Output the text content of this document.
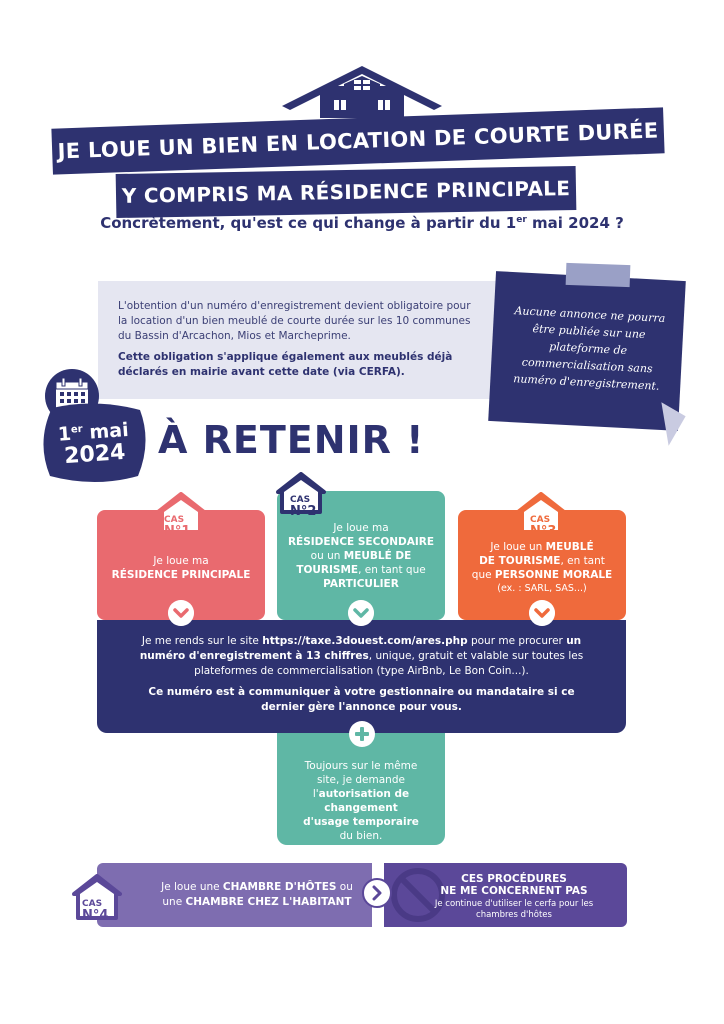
JE LOUE UN BIEN EN LOCATION DE COURTE DURÉE
Y COMPRIS MA RÉSIDENCE PRINCIPALE
Concrètement, qu'est ce qui change à partir du 1er mai 2024 ?

L'obtention d'un numéro d'enregistrement devient obligatoire pour la location d'un bien meublé de courte durée sur les 10 communes du Bassin d'Arcachon, Mios et Marcheprime.

Cette obligation s'applique également aux meublés déjà déclarés en mairie avant cette date (via CERFA).

Aucune annonce ne pourra être publiée sur une plateforme de commercialisation sans numéro d'enregistrement.
1er mai
2024 À RETENIR !
Je loue ma
RÉSIDENCE PRINCIPALE
CAS
N°1	Je loue ma
RÉSIDENCE SECONDAIRE
ou un MEUBLÉ DE
TOURISME, en tant que
PARTICULIER
CAS
N°2
Je loue un MEUBLÉ
DE TOURISME, en tant
que PERSONNE MORALE
(ex. : SARL, SAS...)
CAS
N°3

Je me rends sur le site https://taxe.3douest.com/ares.php pour me procurer un numéro d'enregistrement à 13 chiffres, unique, gratuit et valable sur toutes les plateformes de commercialisation (type AirBnb, Le Bon Coin...).

Ce numéro est à communiquer à votre gestionnaire ou mandataire si ce dernier gère l'annonce pour vous.

Toujours sur le même site, je demande l'autorisation de changement d'usage temporaire du bien.
Je loue une CHAMBRE D'HÔTES ou
une CHAMBRE CHEZ L'HABITANT
CAS
N°4
CES PROCÉDURES
NE ME CONCERNENT PAS
Je continue d'utiliser le cerfa pour les chambres d'hôtes
